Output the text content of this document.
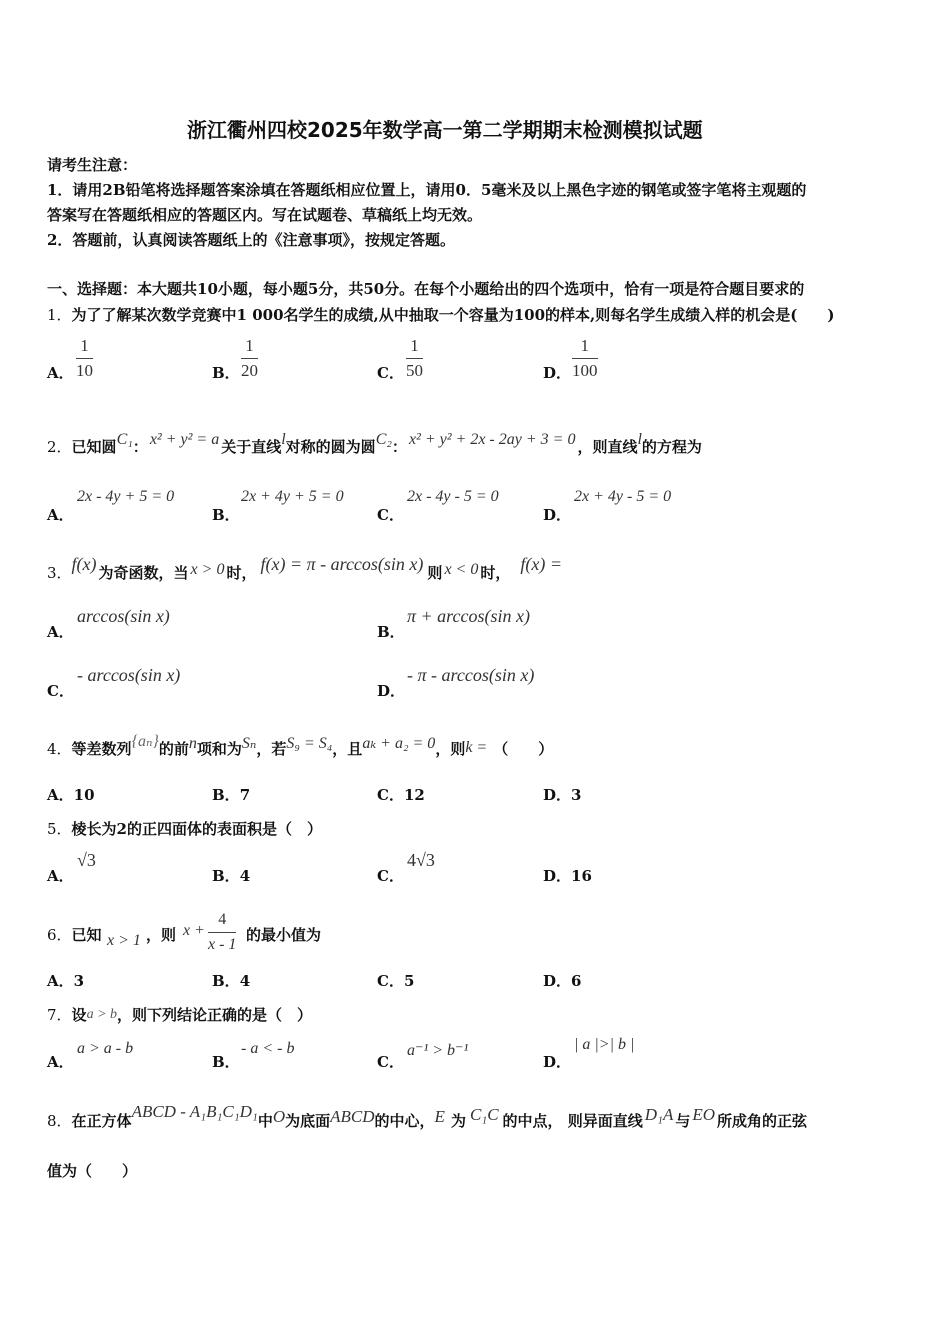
浙江衢州四校2025年数学高一第二学期期末检测模拟试题
请考生注意：
1．请用2B铅笔将选择题答案涂填在答题纸相应位置上，请用0．5毫米及以上黑色字迹的钢笔或签字笔将主观题的
答案写在答题纸相应的答题区内。写在试题卷、草稿纸上均无效。
2．答题前，认真阅读答题纸上的《注意事项》，按规定答题。
一、选择题：本大题共10小题，每小题5分，共50分。在每个小题给出的四个选项中，恰有一项是符合题目要求的
1．为了了解某次数学竞赛中1 000名学生的成绩,从中抽取一个容量为100的样本,则每名学生成绩入样的机会是(　　)
A．
1
10	B．
1
20	C．
1
50	D．
1
100
2．已知圆C₁： x² + y² = a 关于直线l对称的圆为圆C₂： x² + y² + 2x - 2ay + 3 = 0 ，则直线l的方程为
A．
2x - 4y + 5 = 0
B．
2x + 4y + 5 = 0
C．
2x - 4y - 5 = 0
D．
2x + 4y - 5 = 0
3．f(x) 为奇函数，当 x > 0 时， f(x) = π - arccos(sin x) 则 x < 0 时， f(x) =
A．
arccos(sin x)
B．
π + arccos(sin x)
C．
- arccos(sin x)
D．
- π - arccos(sin x)
4．等差数列{aₙ}的前n项和为Sₙ，若S₉ = S₄，且aₖ + a₂ = 0，则k = （　　）
A．10	B．7	C．12	D．3
5．棱长为2的正四面体的表面积是（　）
A．
√3
B．4	C．
4√3
D．16
6．已知 x > 1 ，则 x +
4
x - 1
的最小值为
A．3	B．4	C．5	D．6
7．设a > b，则下列结论正确的是（　）
A．
a > a - b
B．
- a < - b
C．
a⁻¹ > b⁻¹
D．
| a |>| b |
8．在正方体ABCD - A₁B₁C₁D₁中O为底面ABCD的中心，E 为 C₁C 的中点， 则异面直线 D₁A 与 EO 所成角的正弦
值为（　　）
